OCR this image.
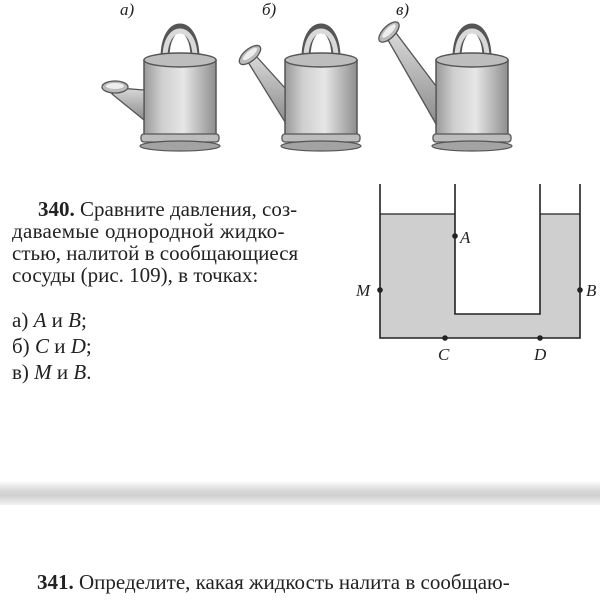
а)	б)	в)
A
M	B
C	D
340. Сравните давления, соз-
даваемые однородной жидко-
стью, налитой в сообщающиеся
сосуды (рис. 109), в точках:
а) A и B;
б) C и D;
в) M и B.
341. Определите, какая жидкость налита в сообщаю-
